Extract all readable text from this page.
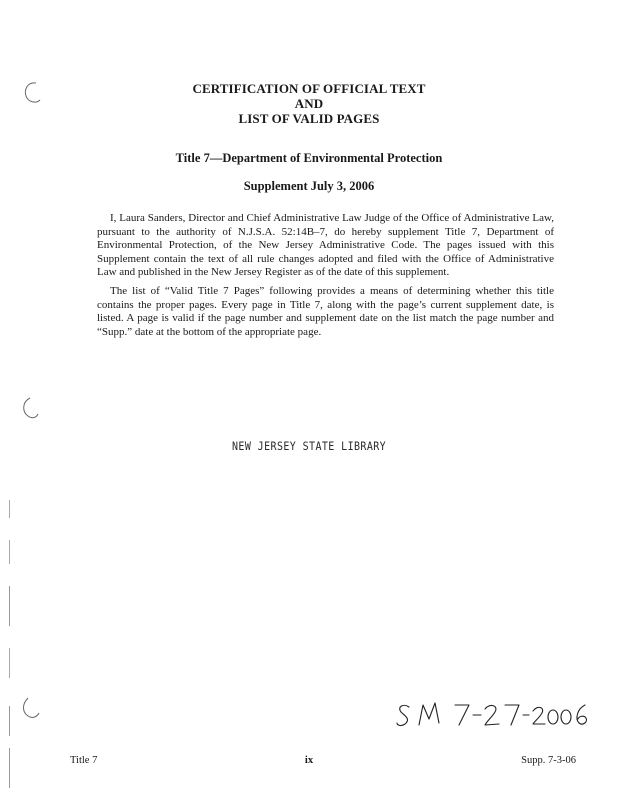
CERTIFICATION OF OFFICIAL TEXT
AND
LIST OF VALID PAGES
Title 7—Department of Environmental Protection
Supplement July 3, 2006

I, Laura Sanders, Director and Chief Administrative Law Judge of the Office of Administrative Law, pursuant to the authority of N.J.S.A. 52:14B–7, do hereby supplement Title 7, Department of Environmental Protection, of the New Jersey Administrative Code. The pages issued with this Supplement contain the text of all rule changes adopted and filed with the Office of Administrative Law and published in the New Jersey Register as of the date of this supplement.

The list of “Valid Title 7 Pages” following provides a means of determining whether this title contains the proper pages. Every page in Title 7, along with the page’s current supplement date, is listed. A page is valid if the page number and supplement date on the list match the page number and “Supp.” date at the bottom of the appropriate page.

NEW JERSEY STATE LIBRARY
Title 7	ix	Supp. 7-3-06
